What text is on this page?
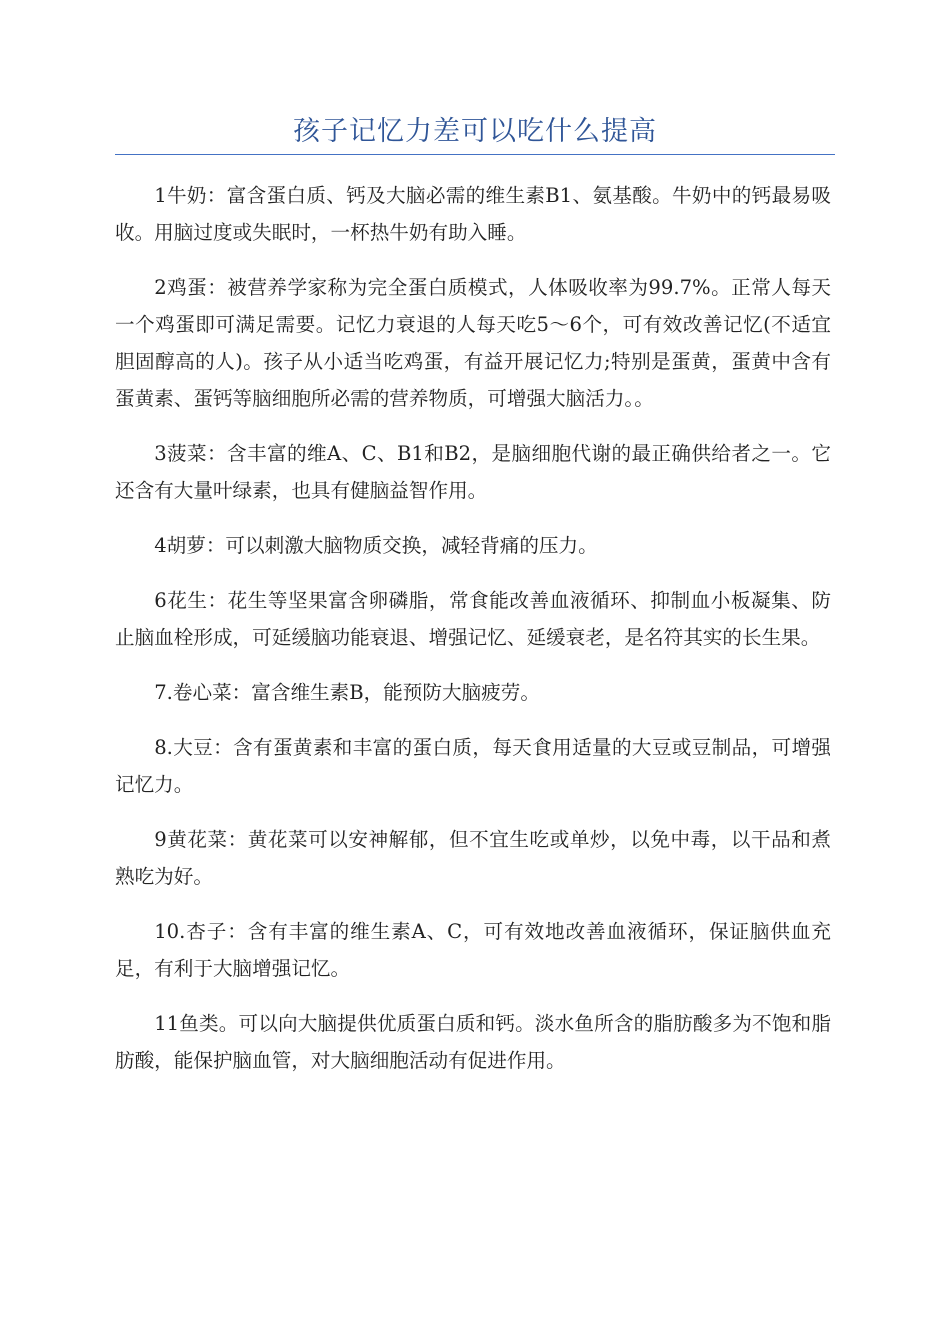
孩子记忆力差可以吃什么提高

1牛奶：富含蛋白质、钙及大脑必需的维生素B1、氨基酸。牛奶中的钙最易吸收。用脑过度或失眠时，一杯热牛奶有助入睡。

2鸡蛋：被营养学家称为完全蛋白质模式，人体吸收率为99.7%。正常人每天一个鸡蛋即可满足需要。记忆力衰退的人每天吃5～6个，可有效改善记忆(不适宜胆固醇高的人)。孩子从小适当吃鸡蛋，有益开展记忆力;特别是蛋黄，蛋黄中含有蛋黄素、蛋钙等脑细胞所必需的营养物质，可增强大脑活力。。

3菠菜：含丰富的维A、C、B1和B2，是脑细胞代谢的最正确供给者之一。它还含有大量叶绿素，也具有健脑益智作用。

4胡萝：可以刺激大脑物质交换，减轻背痛的压力。

6花生：花生等坚果富含卵磷脂，常食能改善血液循环、抑制血小板凝集、防止脑血栓形成，可延缓脑功能衰退、增强记忆、延缓衰老，是名符其实的长生果。

7.卷心菜：富含维生素B，能预防大脑疲劳。

8.大豆：含有蛋黄素和丰富的蛋白质，每天食用适量的大豆或豆制品，可增强记忆力。

9黄花菜：黄花菜可以安神解郁，但不宜生吃或单炒，以免中毒，以干品和煮熟吃为好。

10.杏子：含有丰富的维生素A、C，可有效地改善血液循环，保证脑供血充足，有利于大脑增强记忆。

11鱼类。可以向大脑提供优质蛋白质和钙。淡水鱼所含的脂肪酸多为不饱和脂肪酸，能保护脑血管，对大脑细胞活动有促进作用。
